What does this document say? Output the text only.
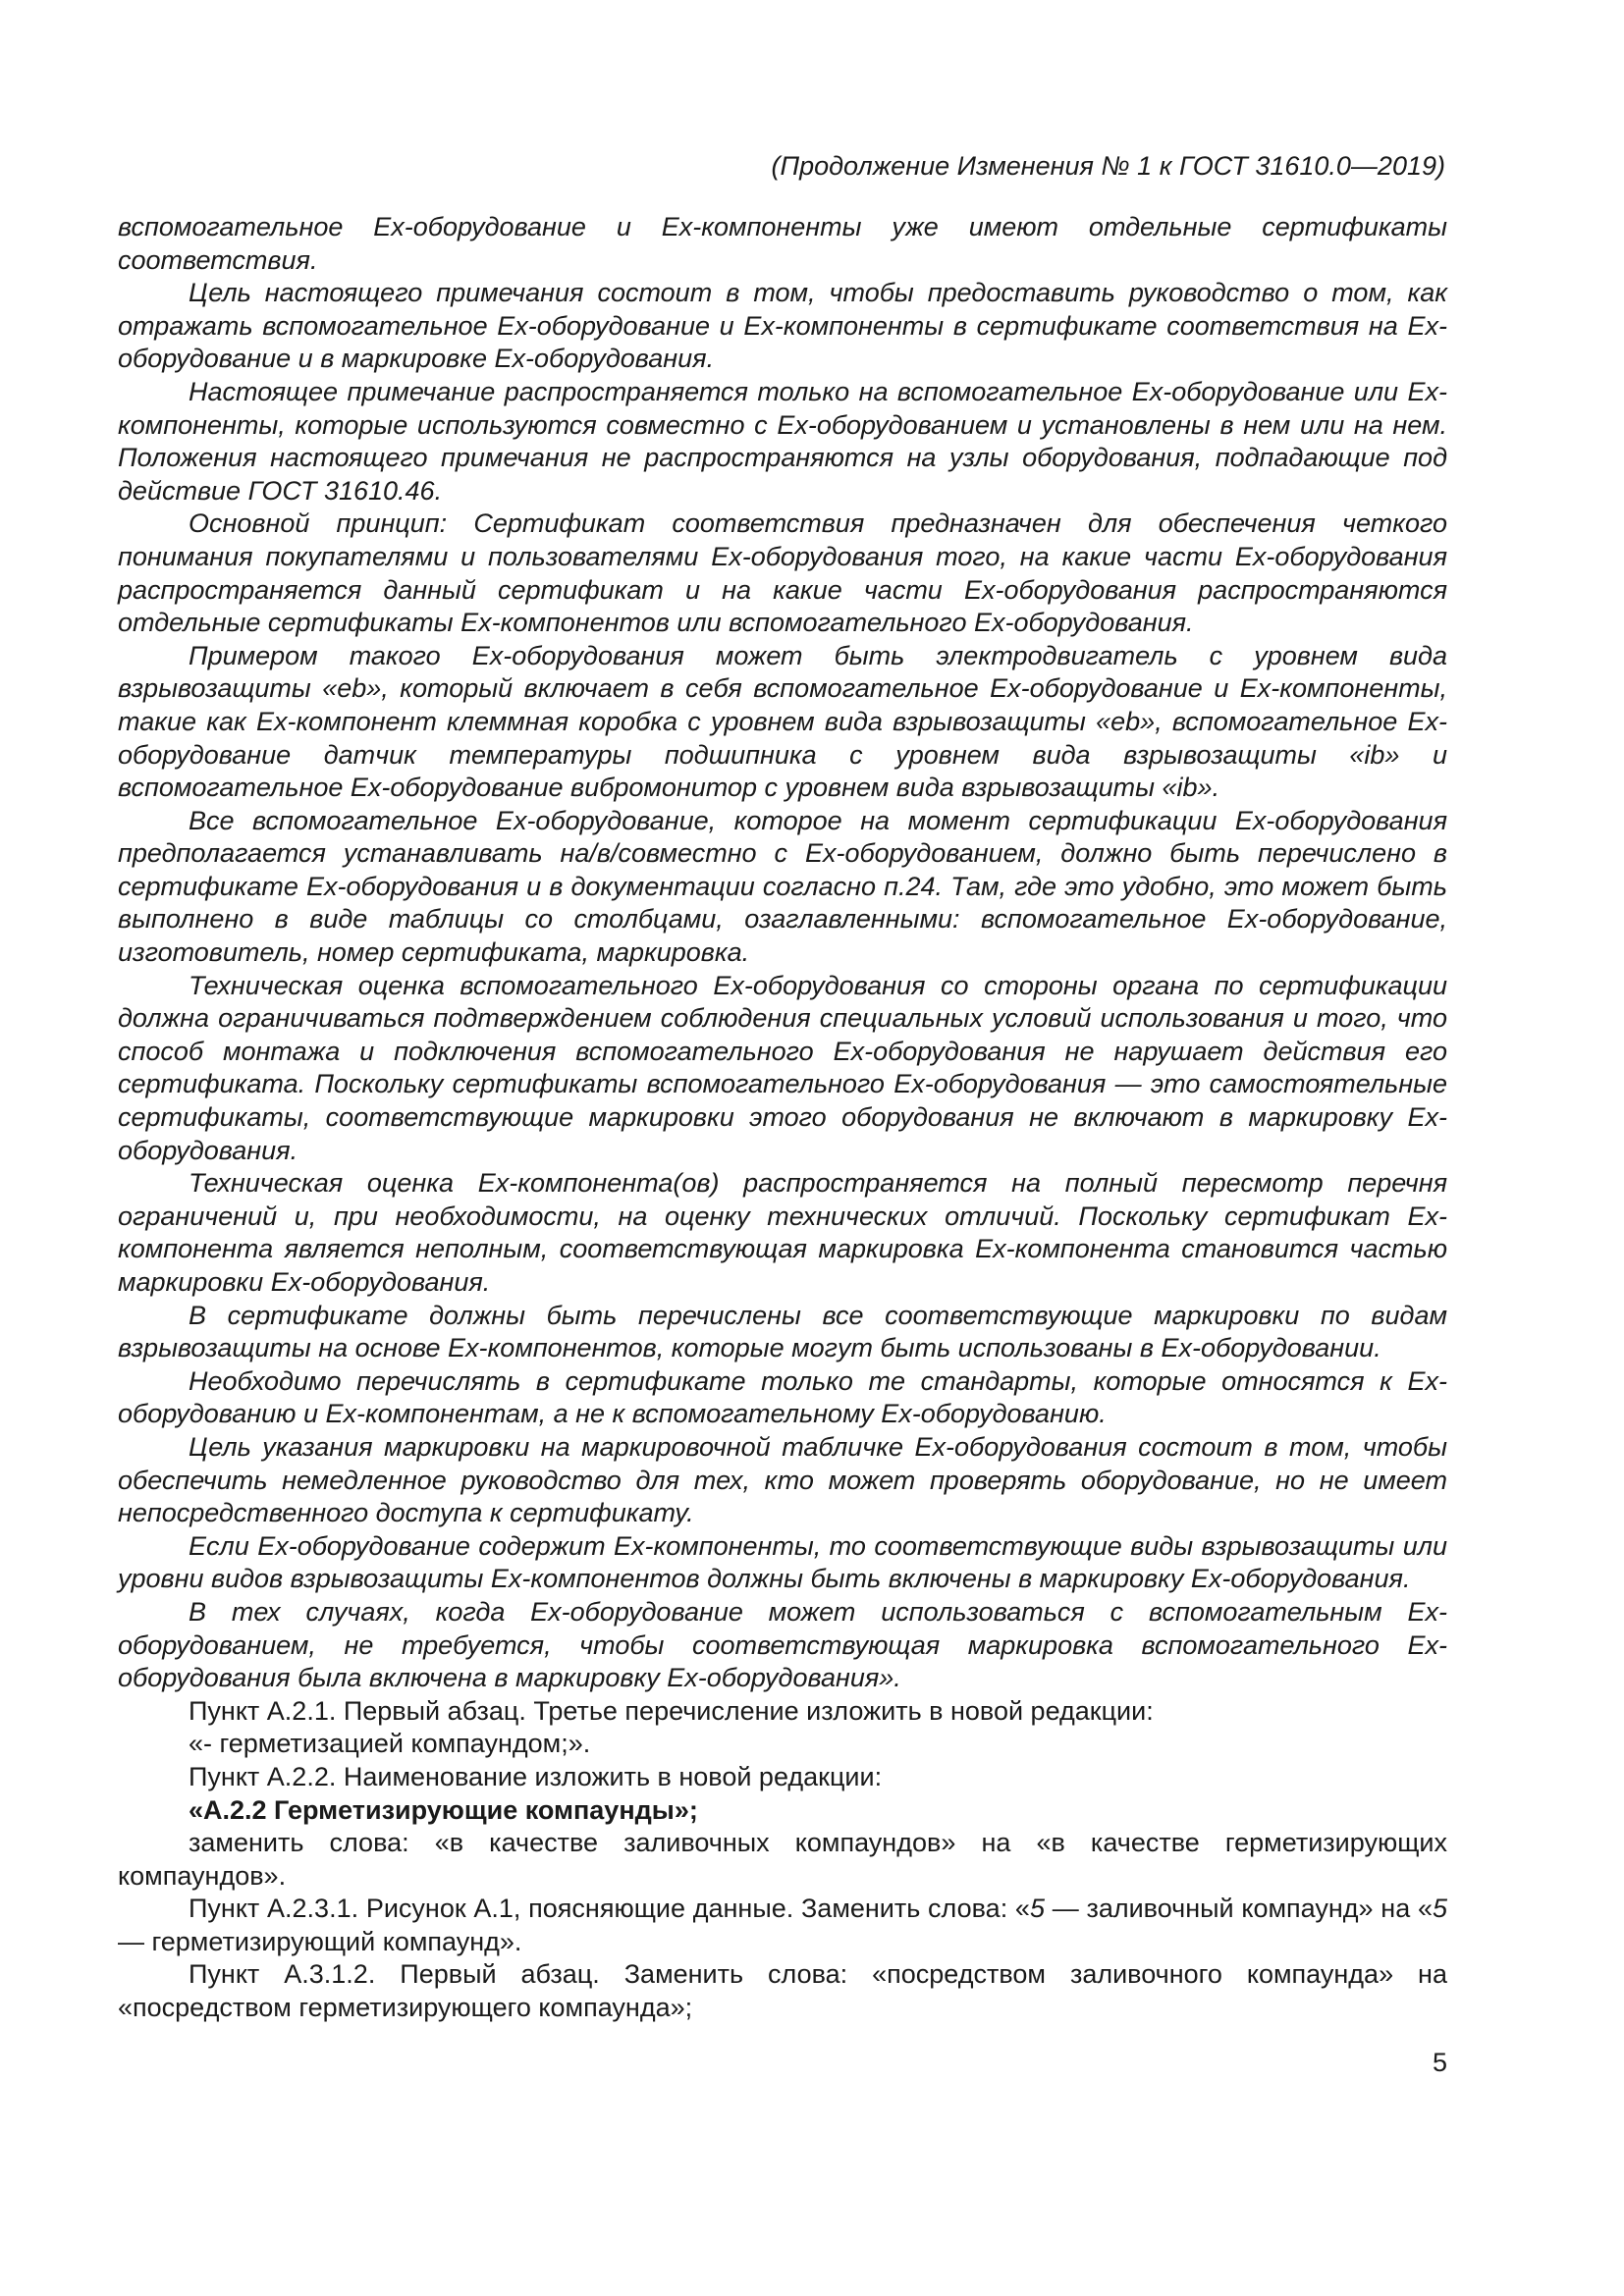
(Продолжение Изменения № 1 к ГОСТ 31610.0—2019)

вспомогательное Ex-оборудование и Ex-компоненты уже имеют отдельные сертификаты соответствия.

Цель настоящего примечания состоит в том, чтобы предоставить руководство о том, как отражать вспомогательное Ex-оборудование и Ex-компоненты в сертификате соответствия на Ex-оборудование и в маркировке Ex-оборудования.

Настоящее примечание распространяется только на вспомогательное Ex-оборудование или Ex-компоненты, которые используются совместно с Ex-оборудованием и установлены в нем или на нем. Положения настоящего примечания не распространяются на узлы оборудования, подпадающие под действие ГОСТ 31610.46.

Основной принцип: Сертификат соответствия предназначен для обеспечения четкого понимания покупателями и пользователями Ex-оборудования того, на какие части Ex-оборудования распространяется данный сертификат и на какие части Ex-оборудования распространяются отдельные сертификаты Ex-компонентов или вспомогательного Ex-оборудования.

Примером такого Ex-оборудования может быть электродвигатель с уровнем вида взрывозащиты «eb», который включает в себя вспомогательное Ex-оборудование и Ex-компоненты, такие как Ex-компонент клеммная коробка с уровнем вида взрывозащиты «eb», вспомогательное Ex-оборудование датчик температуры подшипника с уровнем вида взрывозащиты «ib» и вспомогательное Ex-оборудование вибромонитор с уровнем вида взрывозащиты «ib».

Все вспомогательное Ex-оборудование, которое на момент сертификации Ex-оборудования предполагается устанавливать на/в/совместно с Ex-оборудованием, должно быть перечислено в сертификате Ex-оборудования и в документации согласно п.24. Там, где это удобно, это может быть выполнено в виде таблицы со столбцами, озаглавленными: вспомогательное Ex-оборудование, изготовитель, номер сертификата, маркировка.

Техническая оценка вспомогательного Ex-оборудования со стороны органа по сертификации должна ограничиваться подтверждением соблюдения специальных условий использования и того, что способ монтажа и подключения вспомогательного Ex-оборудования не нарушает действия его сертификата. Поскольку сертификаты вспомогательного Ex-оборудования — это самостоятельные сертификаты, соответствующие маркировки этого оборудования не включают в маркировку Ex-оборудования.

Техническая оценка Ex-компонента(ов) распространяется на полный пересмотр перечня ограничений и, при необходимости, на оценку технических отличий. Поскольку сертификат Ex-компонента является неполным, соответствующая маркировка Ex-компонента становится частью маркировки Ex-оборудования.

В сертификате должны быть перечислены все соответствующие маркировки по видам взрывозащиты на основе Ex-компонентов, которые могут быть использованы в Ex-оборудовании.

Необходимо перечислять в сертификате только те стандарты, которые относятся к Ex-оборудованию и Ex-компонентам, а не к вспомогательному Ex-оборудованию.

Цель указания маркировки на маркировочной табличке Ex-оборудования состоит в том, чтобы обеспечить немедленное руководство для тех, кто может проверять оборудование, но не имеет непосредственного доступа к сертификату.

Если Ex-оборудование содержит Ex-компоненты, то соответствующие виды взрывозащиты или уровни видов взрывозащиты Ex-компонентов должны быть включены в маркировку Ex-оборудования.

В тех случаях, когда Ex-оборудование может использоваться с вспомогательным Ex-оборудованием, не требуется, чтобы соответствующая маркировка вспомогательного Ex-оборудования была включена в маркировку Ex-оборудования».

Пункт А.2.1. Первый абзац. Третье перечисление изложить в новой редакции:

«- герметизацией компаундом;».

Пункт А.2.2. Наименование изложить в новой редакции:

«А.2.2 Герметизирующие компаунды»;

заменить слова: «в качестве заливочных компаундов» на «в качестве герметизирующих компаундов».

Пункт А.2.3.1. Рисунок А.1, поясняющие данные. Заменить слова: «5 — заливочный компаунд» на «5 — герметизирующий компаунд».

Пункт А.3.1.2. Первый абзац. Заменить слова: «посредством заливочного компаунда» на «посредством герметизирующего компаунда»;

5
